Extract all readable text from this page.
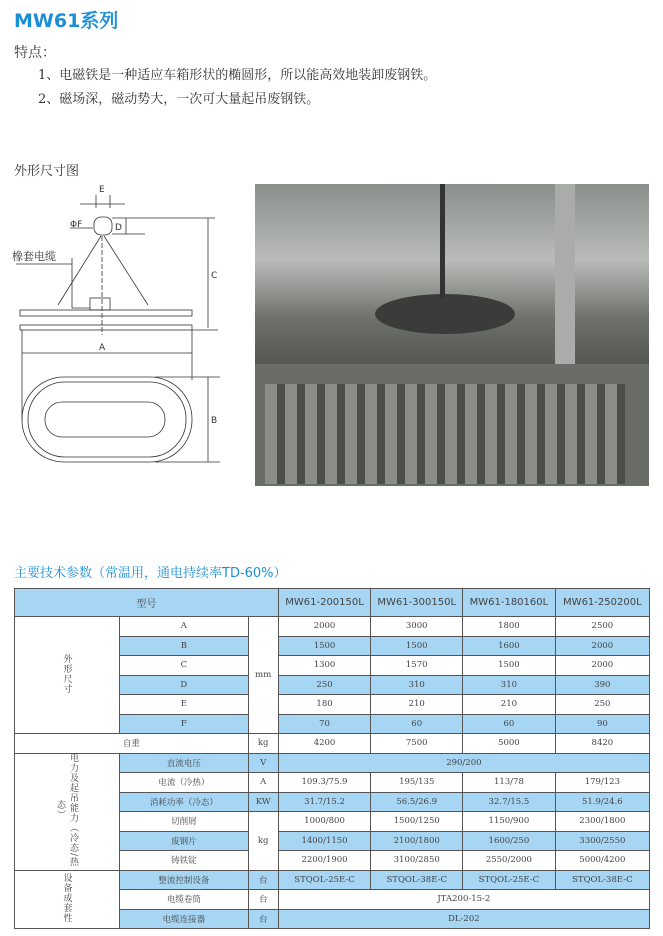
MW61系列
特点：
1、电磁铁是一种适应车箱形状的椭圆形，所以能高效地装卸废钢铁。
2、磁场深，磁动势大，一次可大量起吊废钢铁。
外形尺寸图
E
ΦF	D
C
A
B
橡套电缆
主要技术参数（常温用，通电持续率TD-60%）
型号			MW61-200150L	MW61-300150L	MW61-180160L	MW61-250200L
外形尺寸	A	mm	2000	3000	1800	2500
	B		1500	1500	1600	2000
	C		1300	1570	1500	2000
	D		250	310	310	390
	E		180	210	210	250
	F		70	60	60	90
自重		kg	4200	7500	5000	8420
电力及起吊能力（冷态/热态）	直流电压	V	290/200			
	电流（冷热）	A	109.3/75.9	195/135	113/78	179/123
	消耗功率（冷态）	KW	31.7/15.2	56.5/26.9	32.7/15.5	51.9/24.6
	切削屑	kg	1000/800	1500/1250	1150/900	2300/1800
	废钢片		1400/1150	2100/1800	1600/250	3300/2550
	铸铁锭		2200/1900	3100/2850	2550/2000	5000/4200
设备成套性	整流控制设备	台	STQOL-25E-C	STQOL-38E-C	STQOL-25E-C	STQOL-38E-C
	电缆卷筒	台	JTA200-15-2			
	电缆连接器	台	DL-202			
